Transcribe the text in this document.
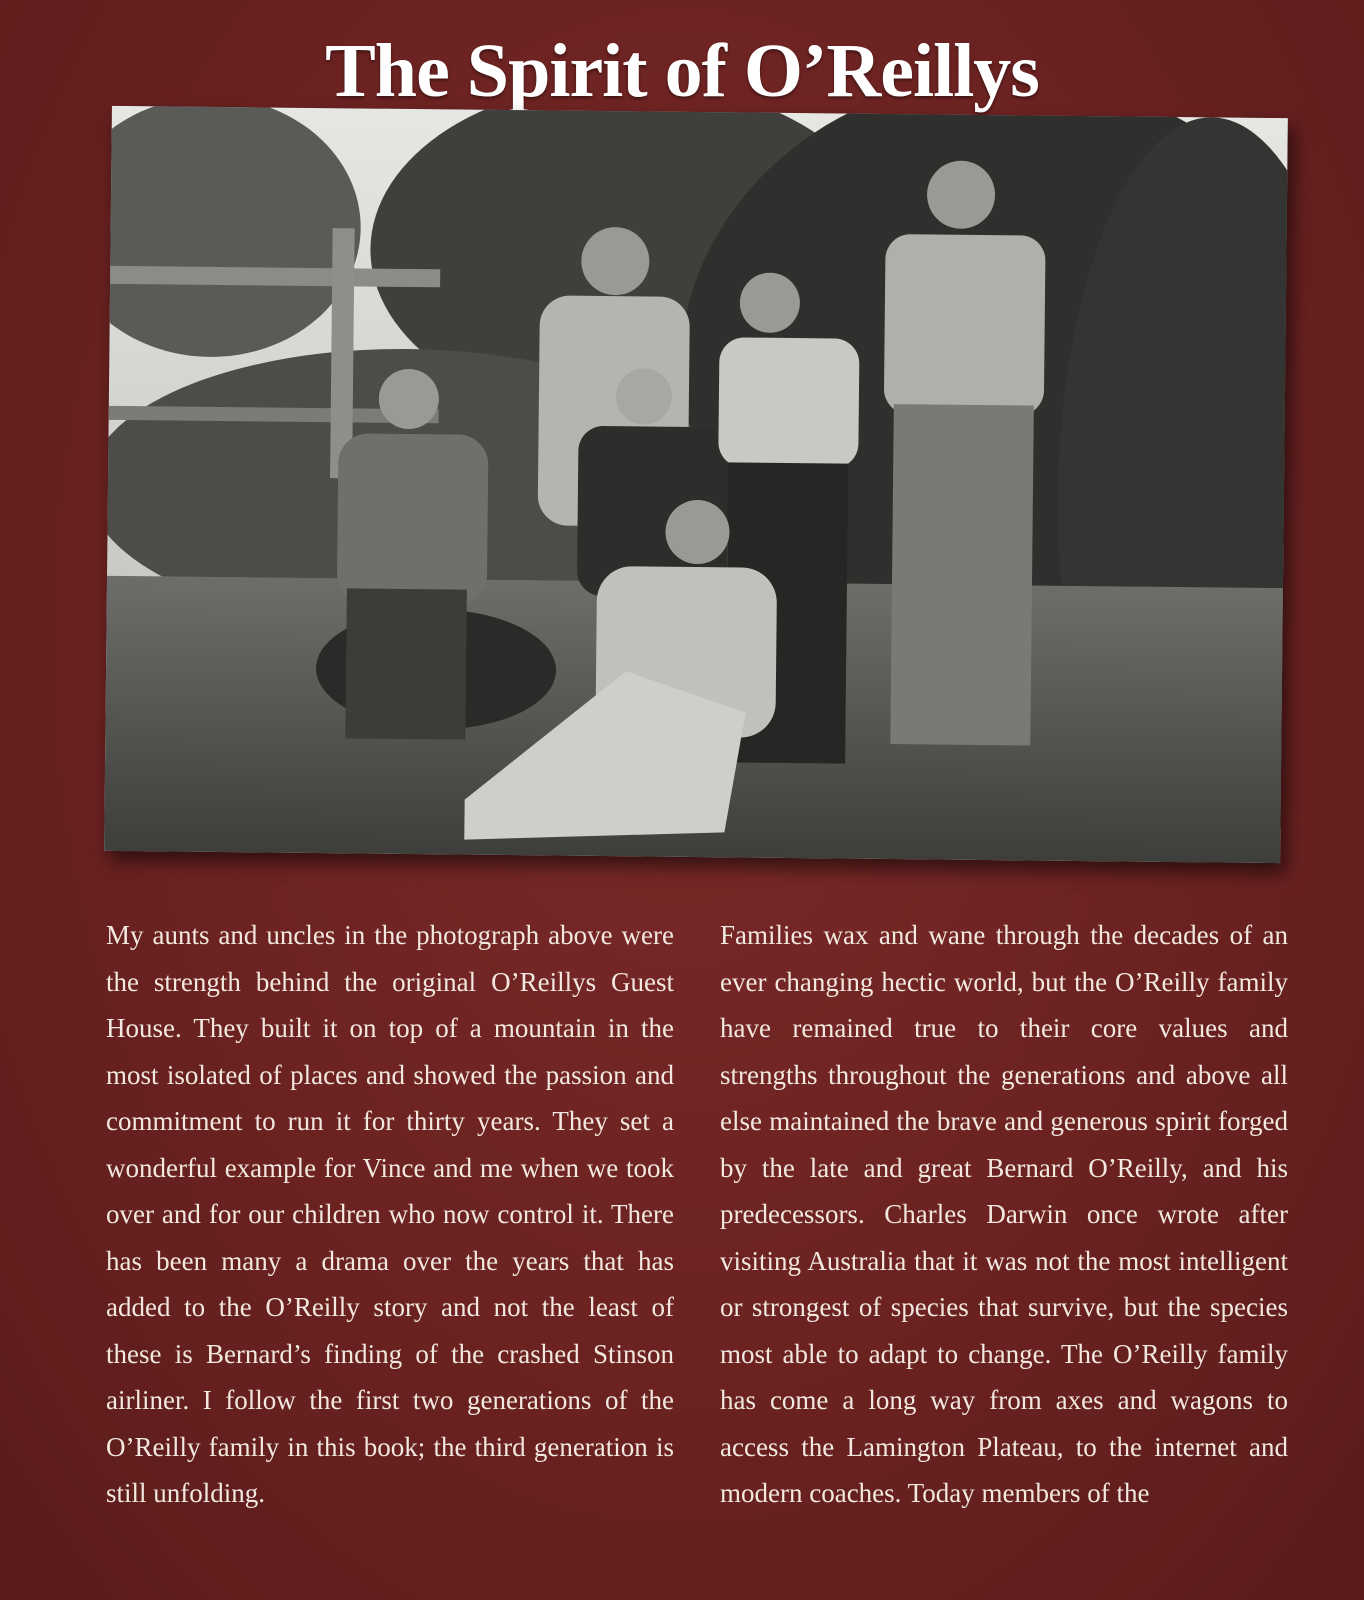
The Spirit of O’Reillys
My aunts and uncles in the photograph above were the strength behind the original O’Reillys Guest House. They built it on top of a mountain in the most isolated of places and showed the passion and commitment to run it for thirty years. They set a wonderful example for Vince and me when we took over and for our children who now control it. There has been many a drama over the years that has added to the O’Reilly story and not the least of these is Bernard’s finding of the crashed Stinson airliner. I follow the first two generations of the O’Reilly family in this book; the third generation is still unfolding.
Families wax and wane through the decades of an ever changing hectic world, but the O’Reilly family have remained true to their core values and strengths throughout the generations and above all else maintained the brave and generous spirit forged by the late and great Bernard O’Reilly, and his predecessors. Charles Darwin once wrote after visiting Australia that it was not the most intelligent or strongest of species that survive, but the species most able to adapt to change. The O’Reilly family has come a long way from axes and wagons to access the Lamington Plateau, to the internet and modern coaches. Today members of the
